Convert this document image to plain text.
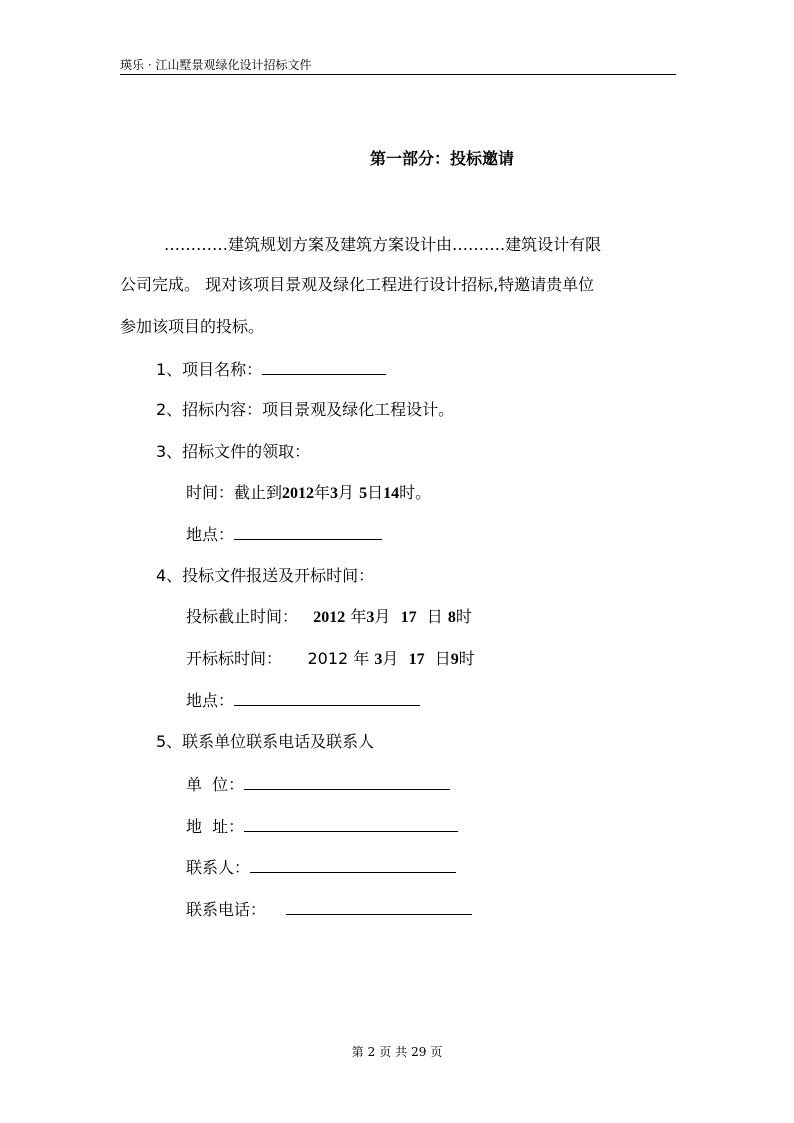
瑛乐 · 江山墅景观绿化设计招标文件
第一部分：投标邀请
…………建筑规划方案及建筑方案设计由……….建筑设计有限
公司完成。 现对该项目景观及绿化工程进行设计招标,特邀请贵单位
参加该项目的投标。
1、项目名称：
2、招标内容：项目景观及绿化工程设计。
3、招标文件的领取：
时间：截止到2012年3月 5日14时。
地点：
4、投标文件报送及开标时间：
投标截止时间： 2012 年3月 17 日 8时
开标标时间： 2012 年 3月 17 日9时
地点：
5、联系单位联系电话及联系人
单  位：
地  址：
联系人：
联系电话：
第 2 页 共 29 页
